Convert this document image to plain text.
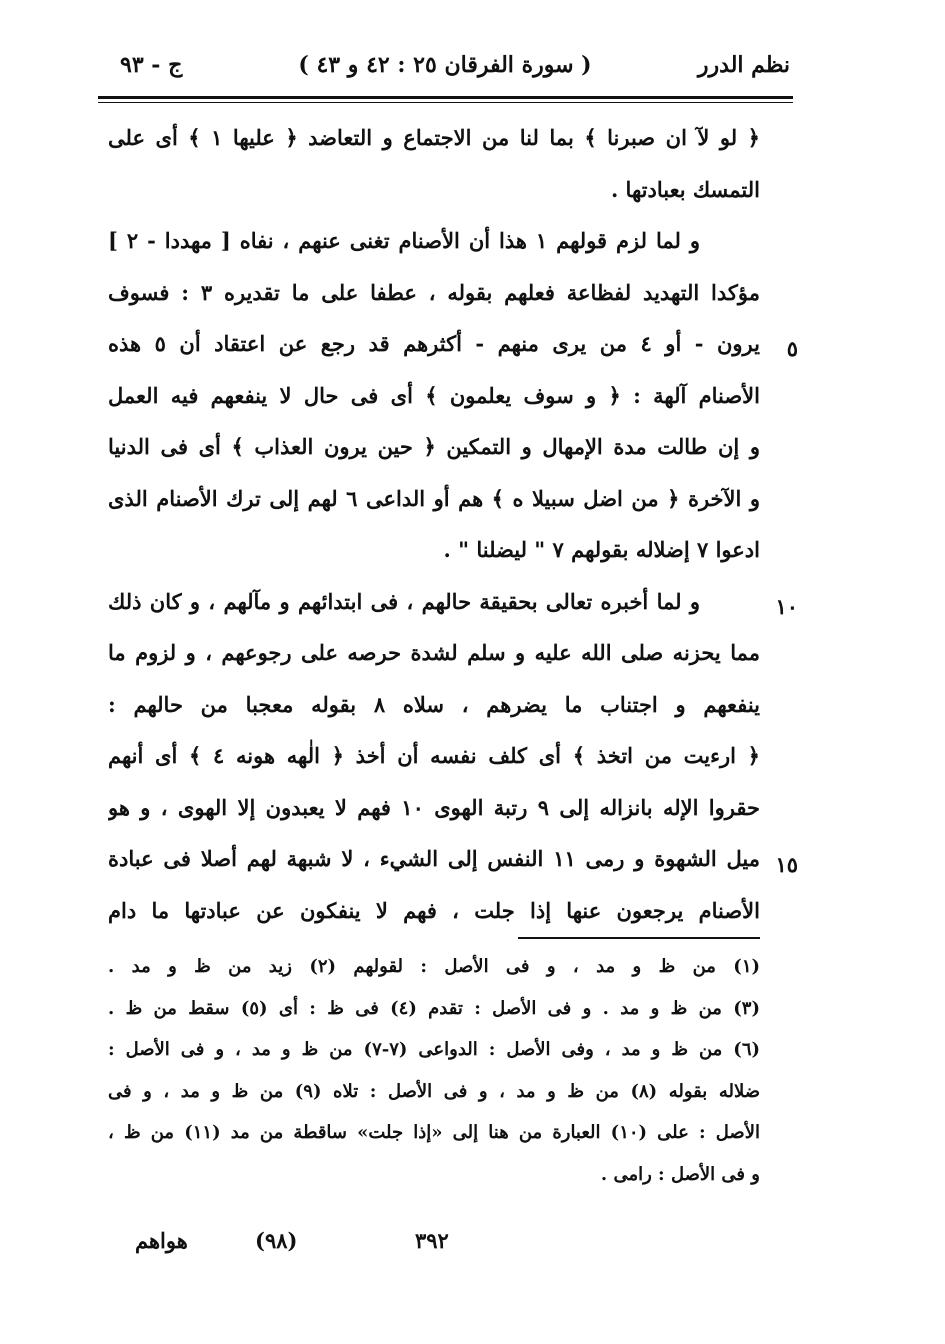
نظم الدرر
( سورة الفرقان ٢٥ : ٤٢ و ٤٣ )
ج - ٩٣
﴿ لو لآ ان صبرنا ﴾ بما لنا من الاجتماع و التعاضد ﴿ عليها ١ ﴾ أى على
التمسك بعبادتها .
و لما لزم قولهم ١ هذا أن الأصنام تغنى عنهم ، نفاه [ مهددا - ٢ ]
مؤكدا التهديد لفظاعة فعلهم بقوله ، عطفا على ما تقديره ٣ : فسوف
يرون - أو ٤ من يرى منهم - أكثرهم قد رجع عن اعتقاد أن ٥ هذه
الأصنام آلهة : ﴿ و سوف يعلمون ﴾ أى فى حال لا ينفعهم فيه العمل
و إن طالت مدة الإمهال و التمكين ﴿ حين يرون العذاب ﴾ أى فى الدنيا
و الآخرة ﴿ من اضل سبيلا ه ﴾ هم أو الداعى ٦ لهم إلى ترك الأصنام الذى
ادعوا ٧ إضلاله بقولهم ٧ " ليضلنا " .
و لما أخبره تعالى بحقيقة حالهم ، فى ابتدائهم و مآلهم ، و كان ذلك
مما يحزنه صلى الله عليه و سلم لشدة حرصه على رجوعهم ، و لزوم ما
ينفعهم و اجتناب ما يضرهم ، سلاه ٨ بقوله معجبا من حالهم :
﴿ ارءيت من اتخذ ﴾ أى كلف نفسه أن أخذ ﴿ الٰهه هونه ٤ ﴾ أى أنهم
حقروا الإله بانزاله إلى ٩ رتبة الهوى ١٠ فهم لا يعبدون إلا الهوى ، و هو
ميل الشهوة و رمى ١١ النفس إلى الشيء ، لا شبهة لهم أصلا فى عبادة
الأصنام يرجعون عنها إذا جلت ، فهم لا ينفكون عن عبادتها ما دام
٥
١٠
١٥
(١) من ظ و مد ، و فى الأصل : لقولهم (٢) زيد من ظ و مد .
(٣) من ظ و مد . و فى الأصل : تقدم (٤) فى ظ : أى (٥) سقط من ظ .
(٦) من ظ و مد ، وفى الأصل : الدواعى (٧-٧) من ظ و مد ، و فى الأصل :
ضلاله بقوله (٨) من ظ و مد ، و فى الأصل : تلاه (٩) من ظ و مد ، و فى
الأصل : على (١٠) العبارة من هنا إلى «إذا جلت» ساقطة من مد (١١) من ظ ،
و فى الأصل : رامى .
هواهم	(٩٨)	٣٩٢
